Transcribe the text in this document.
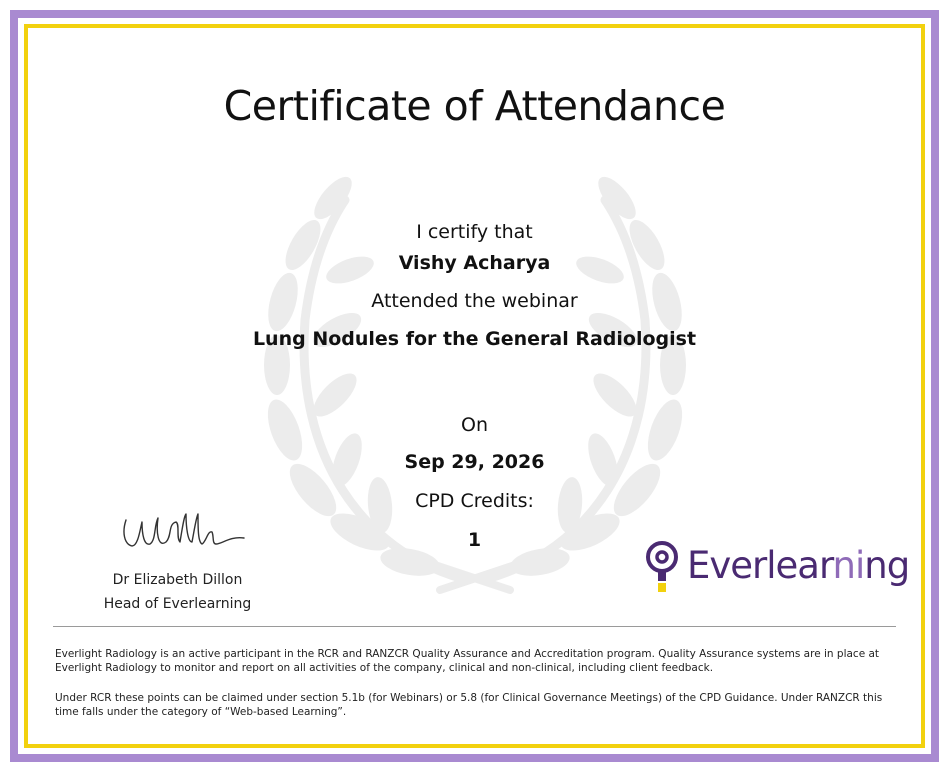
Certificate of Attendance
I certify that
Vishy Acharya
Attended the webinar
Lung Nodules for the General Radiologist
On
Sep 29, 2026
CPD Credits:
1
Dr Elizabeth Dillon
Head of Everlearning
Everlearning
Everlight Radiology is an active participant in the RCR and RANZCR Quality Assurance and Accreditation program. Quality Assurance systems are in place at Everlight Radiology to monitor and report on all activities of the company, clinical and non-clinical, including client feedback.
Under RCR these points can be claimed under section 5.1b (for Webinars) or 5.8 (for Clinical Governance Meetings) of the CPD Guidance. Under RANZCR this time falls under the category of “Web-based Learning”.
